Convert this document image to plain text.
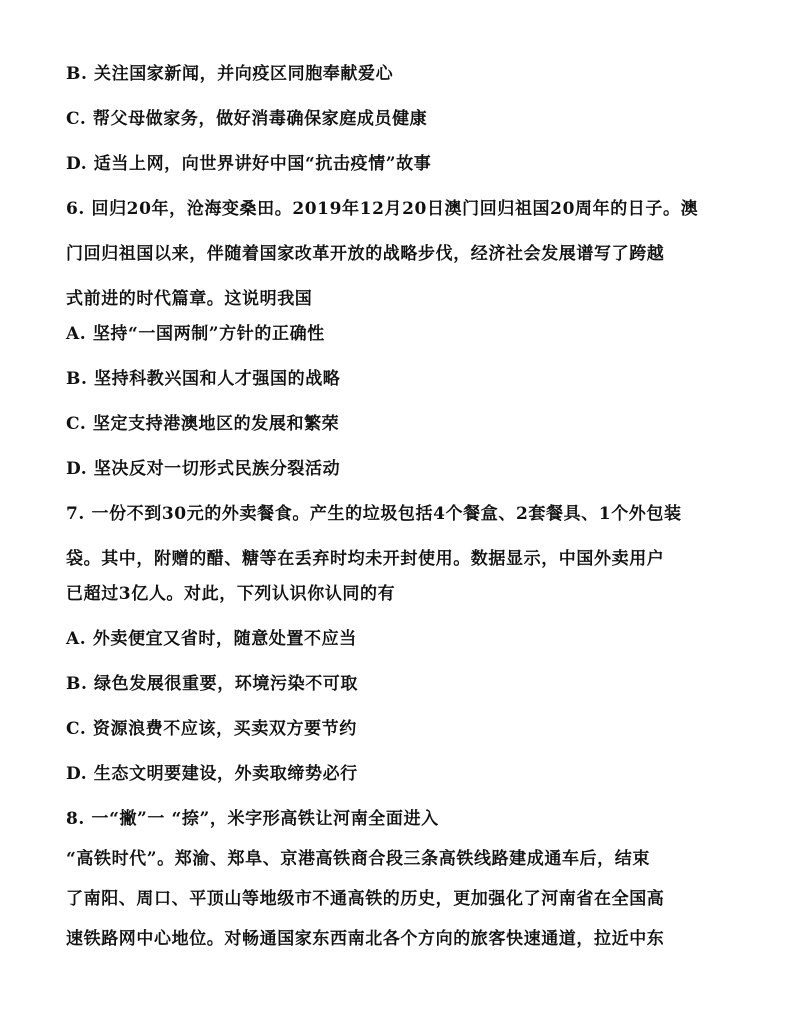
B. 关注国家新闻，并向疫区同胞奉献爱心
C. 帮父母做家务，做好消毒确保家庭成员健康
D. 适当上网，向世界讲好中国“抗击疫情”故事
6. 回归20年，沧海变桑田。2019年12月20日澳门回归祖国20周年的日子。澳
门回归祖国以来，伴随着国家改革开放的战略步伐，经济社会发展谱写了跨越
式前进的时代篇章。这说明我国
A. 坚持“一国两制”方针的正确性
B. 坚持科教兴国和人才强国的战略
C. 坚定支持港澳地区的发展和繁荣
D. 坚决反对一切形式民族分裂活动
7. 一份不到30元的外卖餐食。产生的垃圾包括4个餐盒、2套餐具、1个外包装
袋。其中，附赠的醋、糖等在丢弃时均未开封使用。数据显示，中国外卖用户
已超过3亿人。对此，下列认识你认同的有
A. 外卖便宜又省时，随意处置不应当
B. 绿色发展很重要，环境污染不可取
C. 资源浪费不应该，买卖双方要节约
D. 生态文明要建设，外卖取缔势必行
8. 一“撇”一 “捺”，米字形高铁让河南全面进入
“高铁时代”。郑渝、郑阜、京港高铁商合段三条高铁线路建成通车后，结束
了南阳、周口、平顶山等地级市不通高铁的历史，更加强化了河南省在全国高
速铁路网中心地位。对畅通国家东西南北各个方向的旅客快速通道，拉近中东
